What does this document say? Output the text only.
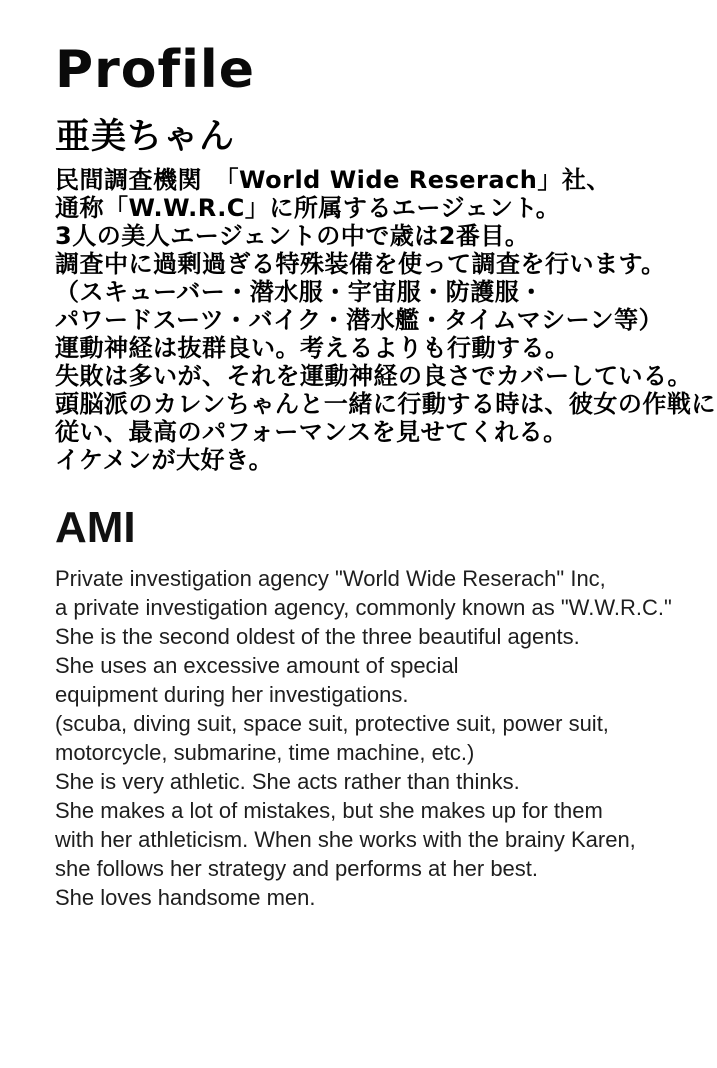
Profile
亜美ちゃん
民間調査機関　「World Wide Reserach」社、
通称「W.W.R.C」に所属するエージェント。
3人の美人エージェントの中で歳は2番目。
調査中に過剰過ぎる特殊装備を使って調査を行います。
（スキューバー・潜水服・宇宙服・防護服・
パワードスーツ・バイク・潜水艦・タイムマシーン等）
運動神経は抜群良い。考えるよりも行動する。
失敗は多いが、それを運動神経の良さでカバーしている。
頭脳派のカレンちゃんと一緒に行動する時は、彼女の作戦に
従い、最高のパフォーマンスを見せてくれる。
イケメンが大好き。
AMI
Private investigation agency "World Wide Reserach" Inc,
a private investigation agency, commonly known as "W.W.R.C."
She is the second oldest of the three beautiful agents.
She uses an excessive amount of special
equipment during her investigations.
(scuba, diving suit, space suit, protective suit, power suit,
motorcycle, submarine, time machine, etc.)
She is very athletic. She acts rather than thinks.
She makes a lot of mistakes, but she makes up for them
with her athleticism. When she works with the brainy Karen,
she follows her strategy and performs at her best.
She loves handsome men.
